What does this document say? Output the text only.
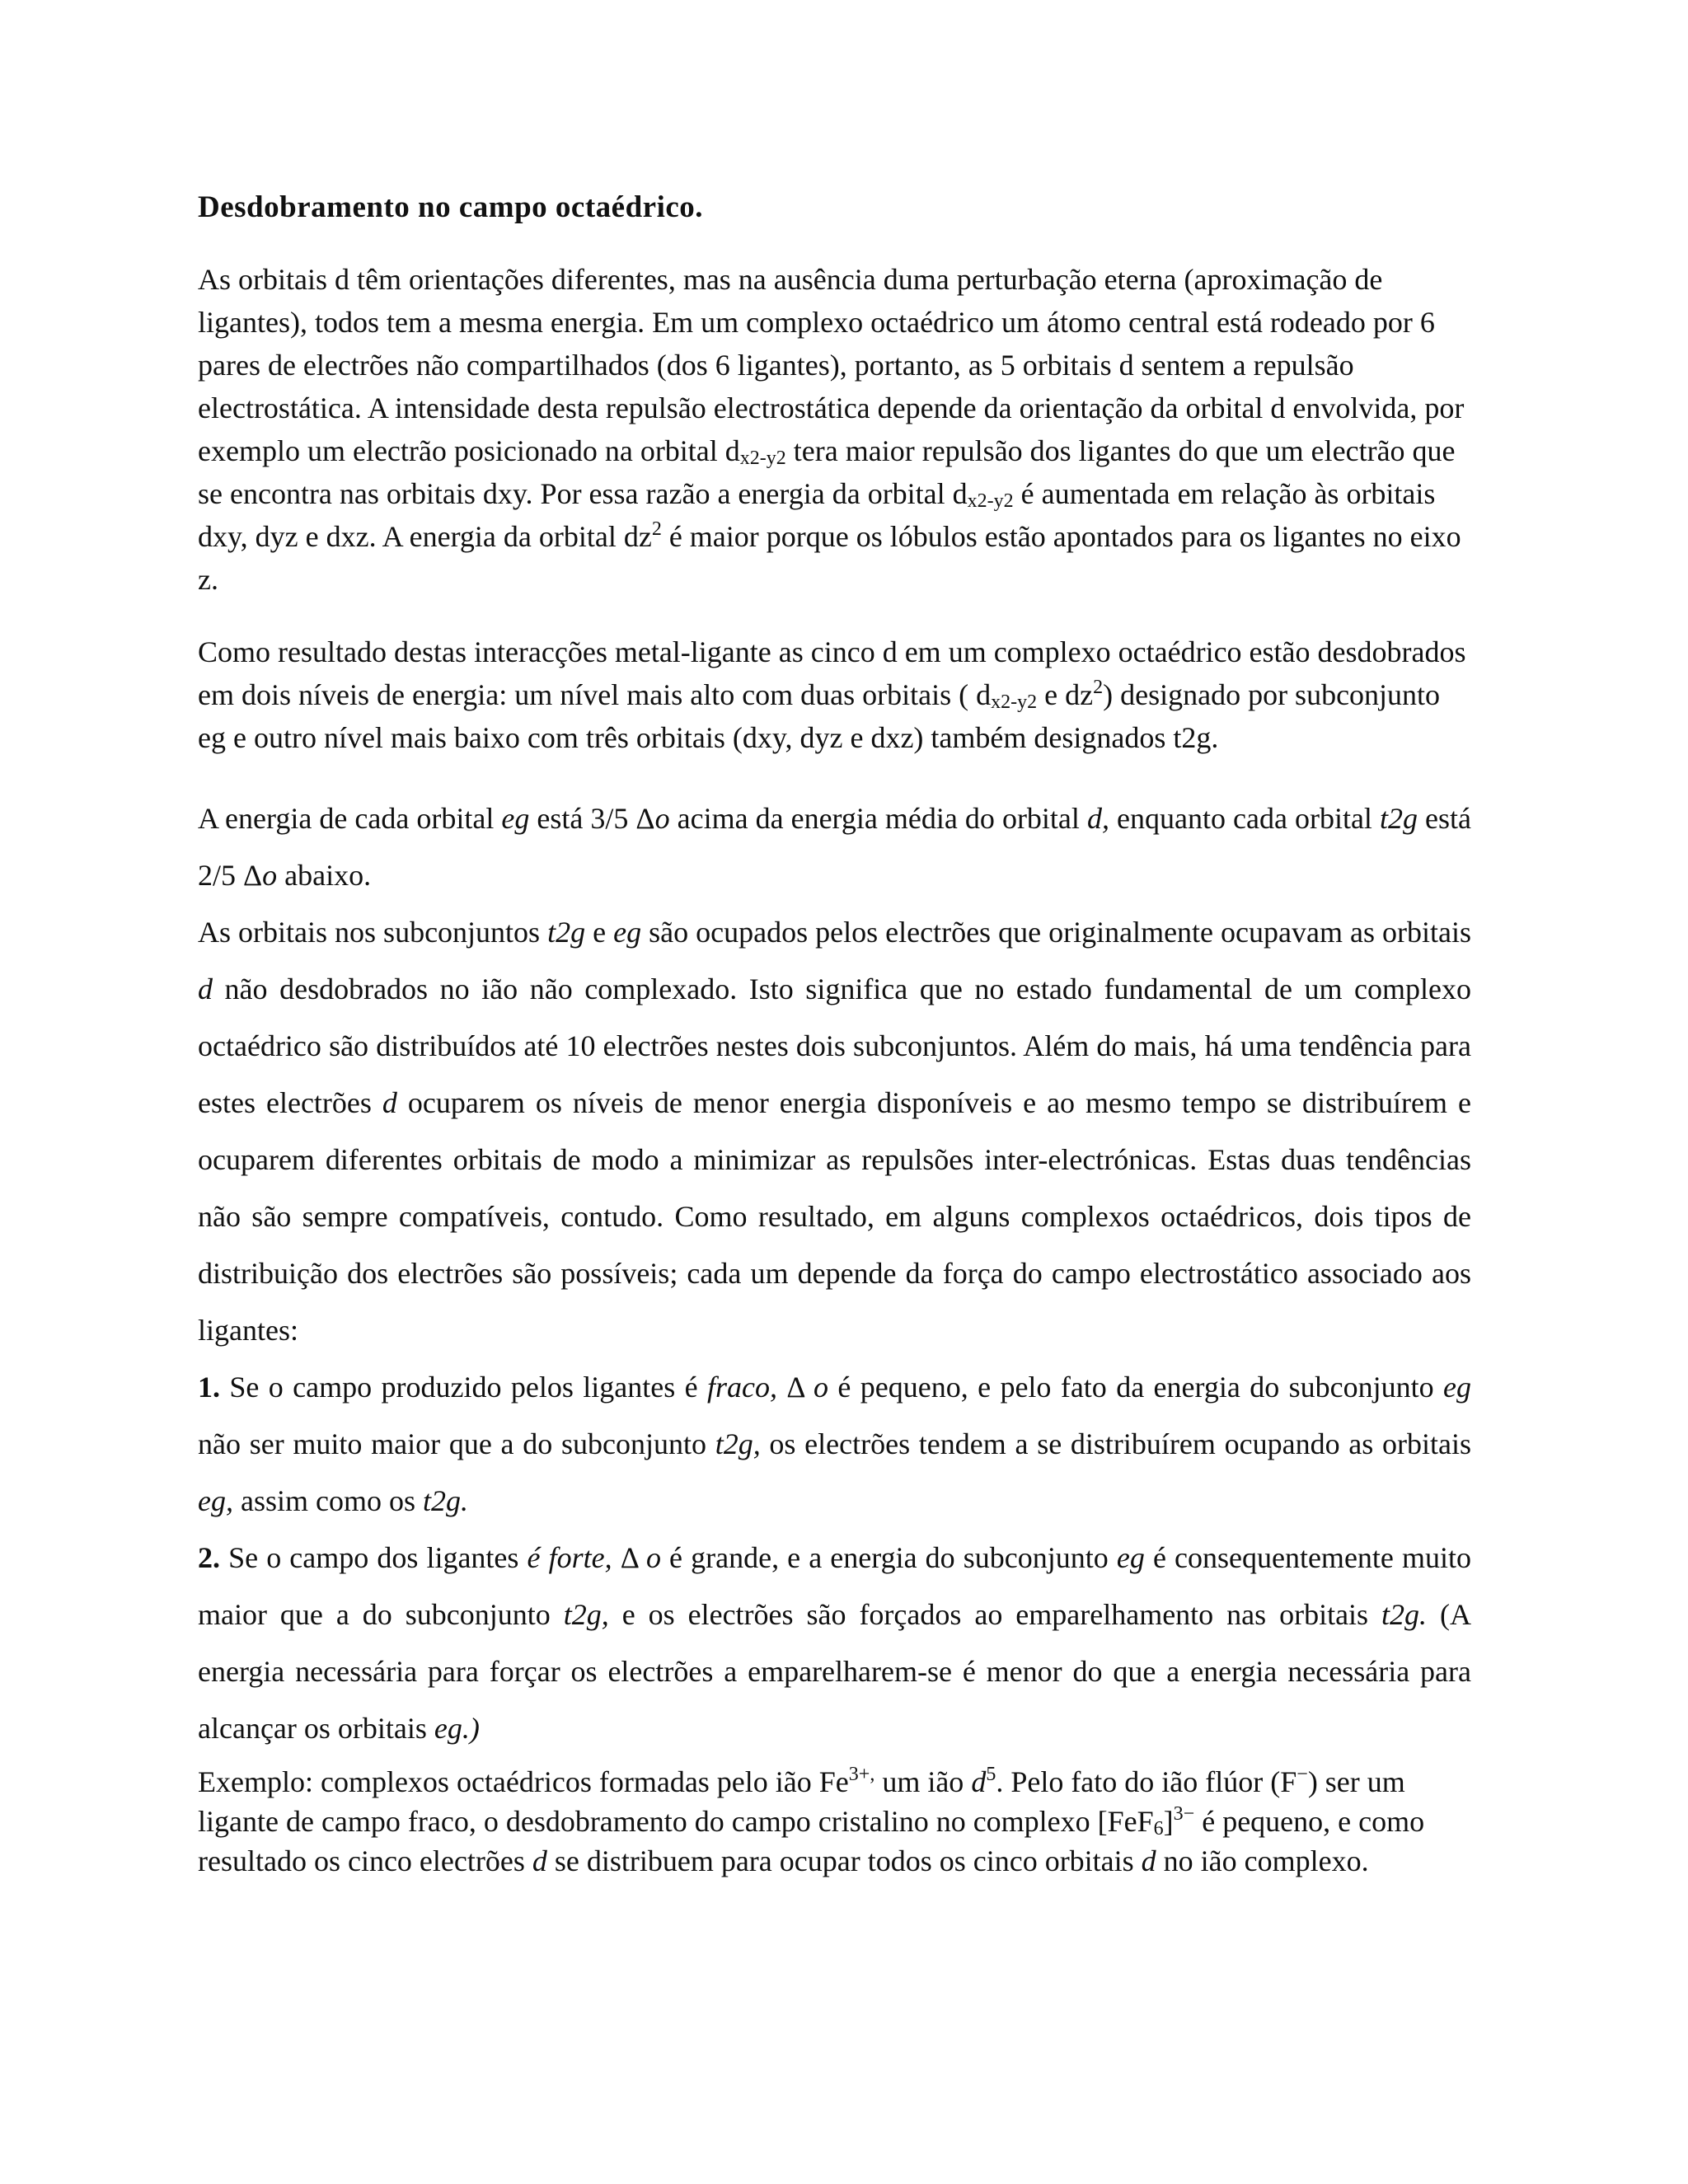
Desdobramento no campo octaédrico.

As orbitais d têm orientações diferentes, mas na ausência duma perturbação eterna (aproximação de ligantes), todos tem a mesma energia. Em um complexo octaédrico um átomo central está rodeado por 6 pares de electrões não compartilhados (dos 6 ligantes), portanto, as 5 orbitais d sentem a repulsão electrostática. A intensidade desta repulsão electrostática depende da orientação da orbital d envolvida, por exemplo um electrão posicionado na orbital $d_{x2-y2}$ tera maior repulsão dos ligantes do que um electrão que se encontra nas orbitais dxy. Por essa razão a energia da orbital $d_{x2-y2}$ é aumentada em relação às orbitais dxy, dyz e dxz. A energia da orbital $dz^2$ é maior porque os lóbulos estão apontados para os ligantes no eixo z.

Como resultado destas interacções metal-ligante as cinco d em um complexo octaédrico estão desdobrados em dois níveis de energia: um nível mais alto com duas orbitais ( $d_{x2-y2}$ e $dz^2$) designado por subconjunto eg e outro nível mais baixo com três orbitais (dxy, dyz e dxz) também designados t2g.

A energia de cada orbital eg está 3/5 Δo acima da energia média do orbital d, enquanto cada orbital t2g está 2/5 Δo abaixo.

As orbitais nos subconjuntos t2g e eg são ocupados pelos electrões que originalmente ocupavam as orbitais d não desdobrados no ião não complexado. Isto significa que no estado fundamental de um complexo octaédrico são distribuídos até 10 electrões nestes dois subconjuntos. Além do mais, há uma tendência para estes electrões d ocuparem os níveis de menor energia disponíveis e ao mesmo tempo se distribuírem e ocuparem diferentes orbitais de modo a minimizar as repulsões inter-electrónicas. Estas duas tendências não são sempre compatíveis, contudo. Como resultado, em alguns complexos octaédricos, dois tipos de distribuição dos electrões são possíveis; cada um depende da força do campo electrostático associado aos ligantes:

1. Se o campo produzido pelos ligantes é fraco, Δ o é pequeno, e pelo fato da energia do subconjunto eg não ser muito maior que a do subconjunto t2g, os electrões tendem a se distribuírem ocupando as orbitais eg, assim como os t2g.

2. Se o campo dos ligantes é forte, Δ o é grande, e a energia do subconjunto eg é consequentemente muito maior que a do subconjunto t2g, e os electrões são forçados ao emparelhamento nas orbitais t2g. (A energia necessária para forçar os electrões a emparelharem-se é menor do que a energia necessária para alcançar os orbitais eg.)

Exemplo: complexos octaédricos formadas pelo ião $Fe^{3+,}$ um ião $d^5$. Pelo fato do ião flúor (F−) ser um ligante de campo fraco, o desdobramento do campo cristalino no complexo $[FeF_6]^{3-}$ é pequeno, e como resultado os cinco electrões d se distribuem para ocupar todos os cinco orbitais d no ião complexo.
